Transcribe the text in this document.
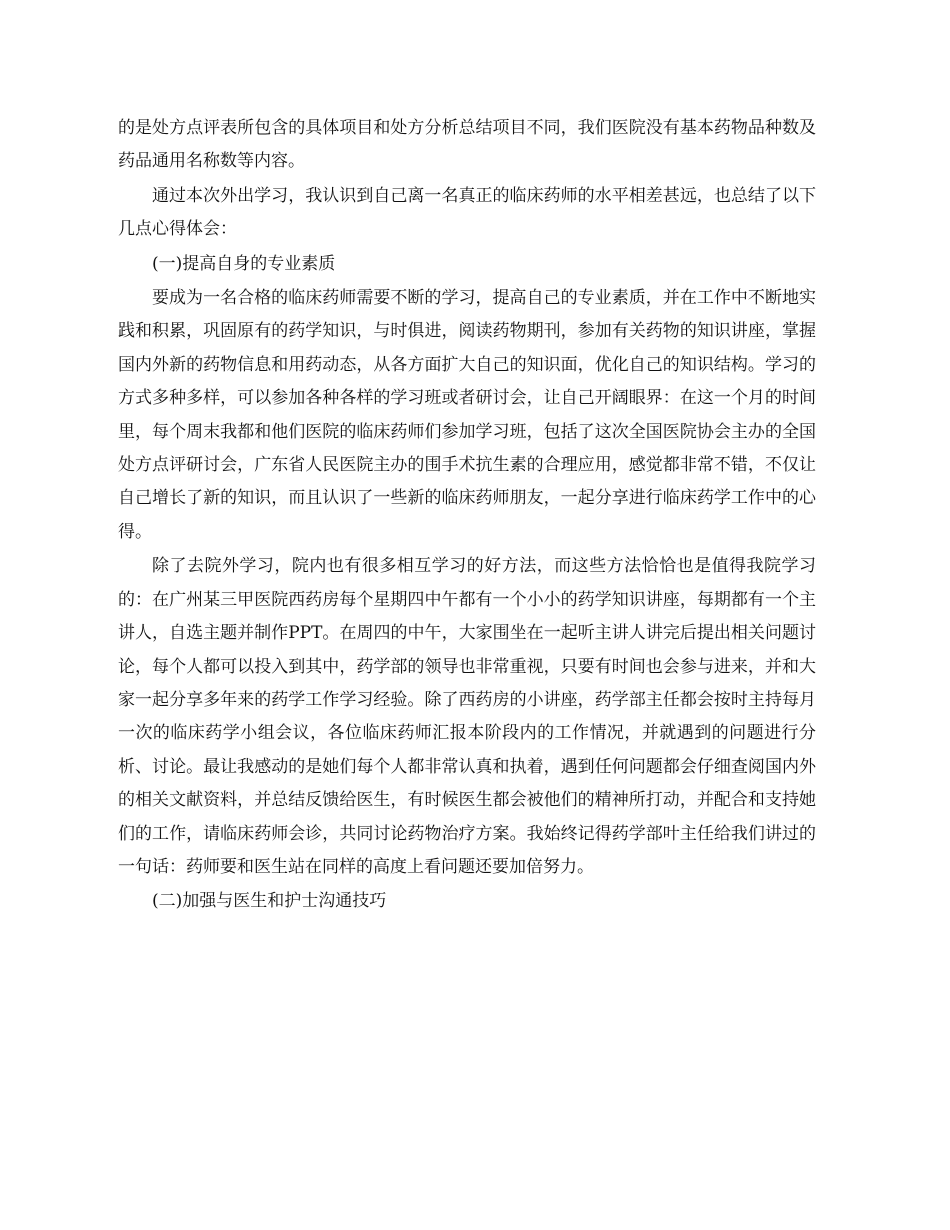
的是处方点评表所包含的具体项目和处方分析总结项目不同，我们医院没有基本药物品种数及药品通用名称数等内容。

通过本次外出学习，我认识到自己离一名真正的临床药师的水平相差甚远，也总结了以下几点心得体会：

(一)提高自身的专业素质

要成为一名合格的临床药师需要不断的学习，提高自己的专业素质，并在工作中不断地实践和积累，巩固原有的药学知识，与时俱进，阅读药物期刊，参加有关药物的知识讲座，掌握国内外新的药物信息和用药动态，从各方面扩大自己的知识面，优化自己的知识结构。学习的方式多种多样，可以参加各种各样的学习班或者研讨会，让自己开阔眼界：在这一个月的时间里，每个周末我都和他们医院的临床药师们参加学习班，包括了这次全国医院协会主办的全国处方点评研讨会，广东省人民医院主办的围手术抗生素的合理应用，感觉都非常不错，不仅让自己增长了新的知识，而且认识了一些新的临床药师朋友，一起分享进行临床药学工作中的心得。

除了去院外学习，院内也有很多相互学习的好方法，而这些方法恰恰也是值得我院学习的：在广州某三甲医院西药房每个星期四中午都有一个小小的药学知识讲座，每期都有一个主讲人，自选主题并制作PPT。在周四的中午，大家围坐在一起听主讲人讲完后提出相关问题讨论，每个人都可以投入到其中，药学部的领导也非常重视，只要有时间也会参与进来，并和大家一起分享多年来的药学工作学习经验。除了西药房的小讲座，药学部主任都会按时主持每月一次的临床药学小组会议，各位临床药师汇报本阶段内的工作情况，并就遇到的问题进行分析、讨论。最让我感动的是她们每个人都非常认真和执着，遇到任何问题都会仔细查阅国内外的相关文献资料，并总结反馈给医生，有时候医生都会被他们的精神所打动，并配合和支持她们的工作，请临床药师会诊，共同讨论药物治疗方案。我始终记得药学部叶主任给我们讲过的一句话：药师要和医生站在同样的高度上看问题还要加倍努力。

(二)加强与医生和护士沟通技巧
